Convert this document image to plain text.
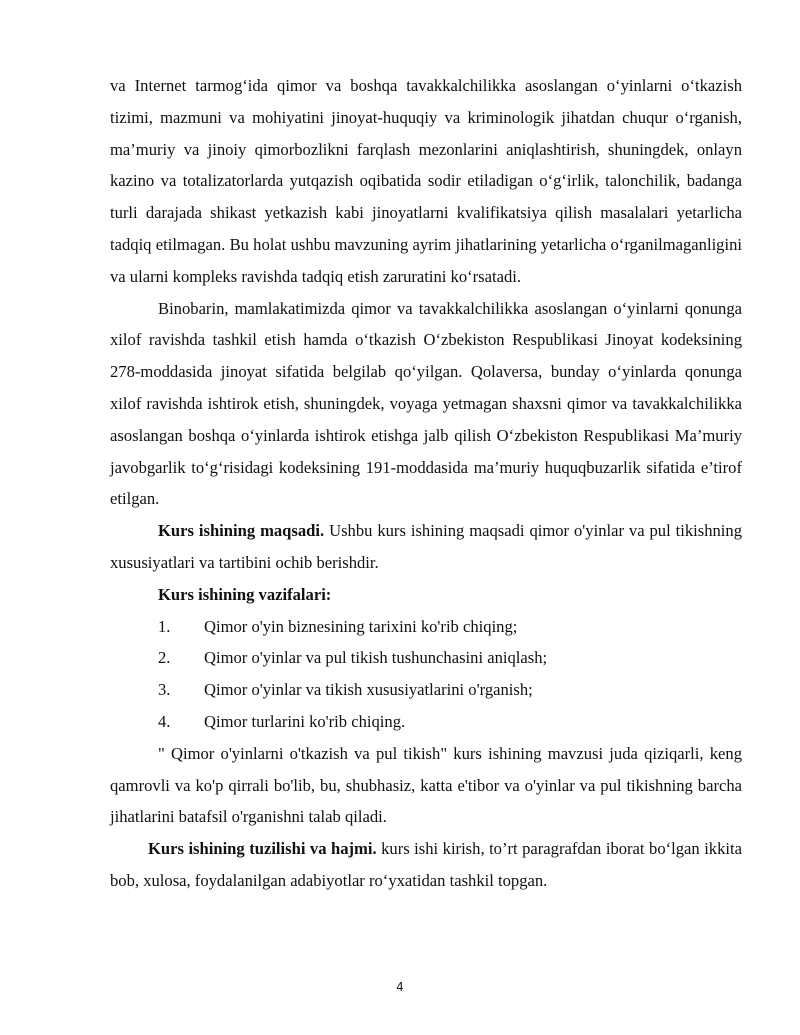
va Internet tarmog‘ida qimor va boshqa tavakkalchilikka asoslangan o‘yinlarni o‘tkazish tizimi, mazmuni va mohiyatini jinoyat-huquqiy va kriminologik jihatdan chuqur o‘rganish, ma’muriy va jinoiy qimorbozlikni farqlash mezonlarini aniqlashtirish, shuningdek, onlayn kazino va totalizatorlarda yutqazish oqibatida sodir etiladigan o‘g‘irlik, talonchilik, badanga turli darajada shikast yetkazish kabi jinoyatlarni kvalifikatsiya qilish masalalari yetarlicha tadqiq etilmagan. Bu holat ushbu mavzuning ayrim jihatlarining yetarlicha o‘rganilmaganligini va ularni kompleks ravishda tadqiq etish zaruratini ko‘rsatadi.

Binobarin, mamlakatimizda qimor va tavakkalchilikka asoslangan o‘yinlarni qonunga xilof ravishda tashkil etish hamda o‘tkazish O‘zbekiston Respublikasi Jinoyat kodeksining 278-moddasida jinoyat sifatida belgilab qo‘yilgan. Qolaversa, bunday o‘yinlarda qonunga xilof ravishda ishtirok etish, shuningdek, voyaga yetmagan shaxsni qimor va tavakkalchilikka asoslangan boshqa o‘yinlarda ishtirok etishga jalb qilish O‘zbekiston Respublikasi Ma’muriy javobgarlik to‘g‘risidagi kodeksining 191-moddasida ma’muriy huquqbuzarlik sifatida e’tirof etilgan.

Kurs ishining maqsadi. Ushbu kurs ishining maqsadi qimor o'yinlar va pul tikishning xususiyatlari va tartibini ochib berishdir.

Kurs ishining vazifalari:

1.	Qimor o'yin biznesining tarixini ko'rib chiqing;
2.	Qimor o'yinlar va pul tikish tushunchasini aniqlash;
3.	Qimor o'yinlar va tikish xususiyatlarini o'rganish;
4.	Qimor turlarini ko'rib chiqing.

" Qimor o'yinlarni o'tkazish va pul tikish" kurs ishining mavzusi juda qiziqarli, keng qamrovli va ko'p qirrali bo'lib, bu, shubhasiz, katta e'tibor va o'yinlar va pul tikishning barcha jihatlarini batafsil o'rganishni talab qiladi.

Kurs ishining tuzilishi va hajmi. kurs ishi kirish, to’rt paragrafdan iborat bo‘lgan ikkita bob, xulosa, foydalanilgan adabiyotlar ro‘yxatidan tashkil topgan.

4
